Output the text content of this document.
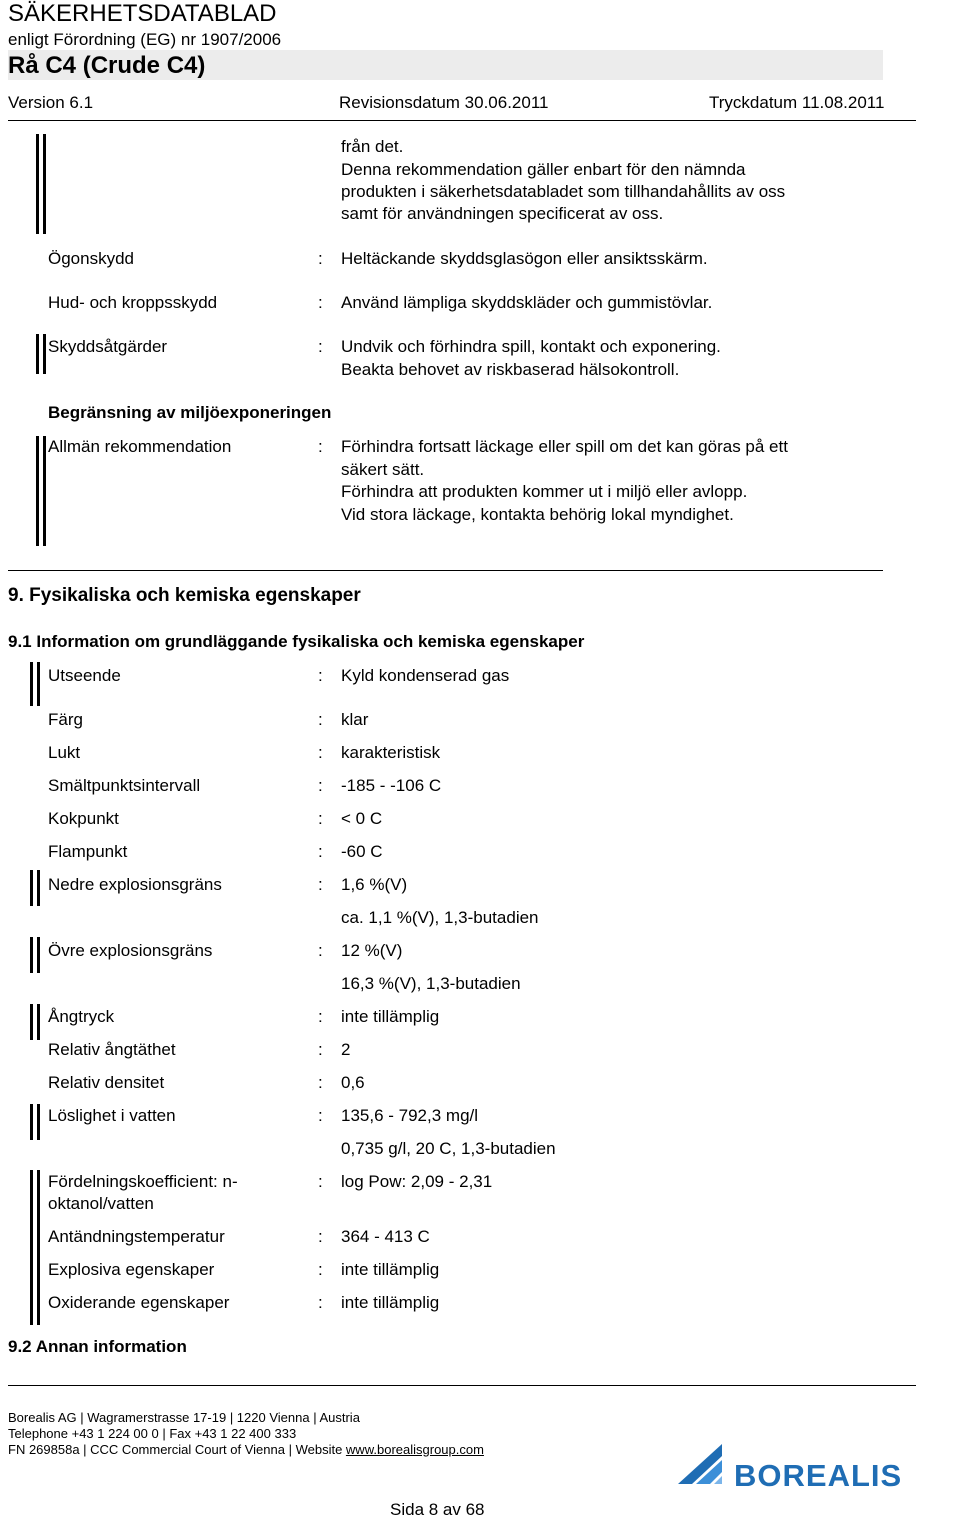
SÄKERHETSDATABLAD
enligt Förordning (EG) nr 1907/2006
Rå C4 (Crude C4)
Version 6.1	Revisionsdatum 30.06.2011	Tryckdatum 11.08.2011
från det.
Denna rekommendation gäller enbart för den nämnda
produkten i säkerhetsdatabladet som tillhandahållits av oss
samt för användningen specificerat av oss.
Ögonskydd	: Heltäckande skyddsglasögon eller ansiktsskärm.
Hud- och kroppsskydd	: Använd lämpliga skyddskläder och gummistövlar.
Skyddsåtgärder	: Undvik och förhindra spill, kontakt och exponering.
Beakta behovet av riskbaserad hälsokontroll.
Begränsning av miljöexponeringen
Allmän rekommendation	: Förhindra fortsatt läckage eller spill om det kan göras på ett
säkert sätt.
Förhindra att produkten kommer ut i miljö eller avlopp.
Vid stora läckage, kontakta behörig lokal myndighet.
9. Fysikaliska och kemiska egenskaper
9.1 Information om grundläggande fysikaliska och kemiska egenskaper
Utseende	: Kyld kondenserad gas
Färg	: klar
Lukt	: karakteristisk
Smältpunktsintervall	: -185 - -106 C
Kokpunkt	: < 0 C
Flampunkt	: -60 C
Nedre explosionsgräns	: 1,6 %(V)
ca. 1,1 %(V), 1,3-butadien
Övre explosionsgräns	: 12 %(V)
16,3 %(V), 1,3-butadien
Ångtryck	: inte tillämplig
Relativ ångtäthet	: 2
Relativ densitet	: 0,6
Löslighet i vatten	: 135,6 - 792,3 mg/l
0,735 g/l, 20 C, 1,3-butadien
Fördelningskoefficient: n-
oktanol/vatten
: log Pow: 2,09 - 2,31
Antändningstemperatur	: 364 - 413 C
Explosiva egenskaper	: inte tillämplig
Oxiderande egenskaper	: inte tillämplig
9.2 Annan information
Borealis AG | Wagramerstrasse 17-19 | 1220 Vienna | Austria
Telephone +43 1 224 00 0 | Fax +43 1 22 400 333
FN 269858a | CCC Commercial Court of Vienna | Website www.borealisgroup.com
BOREALIS
Sida 8 av 68
